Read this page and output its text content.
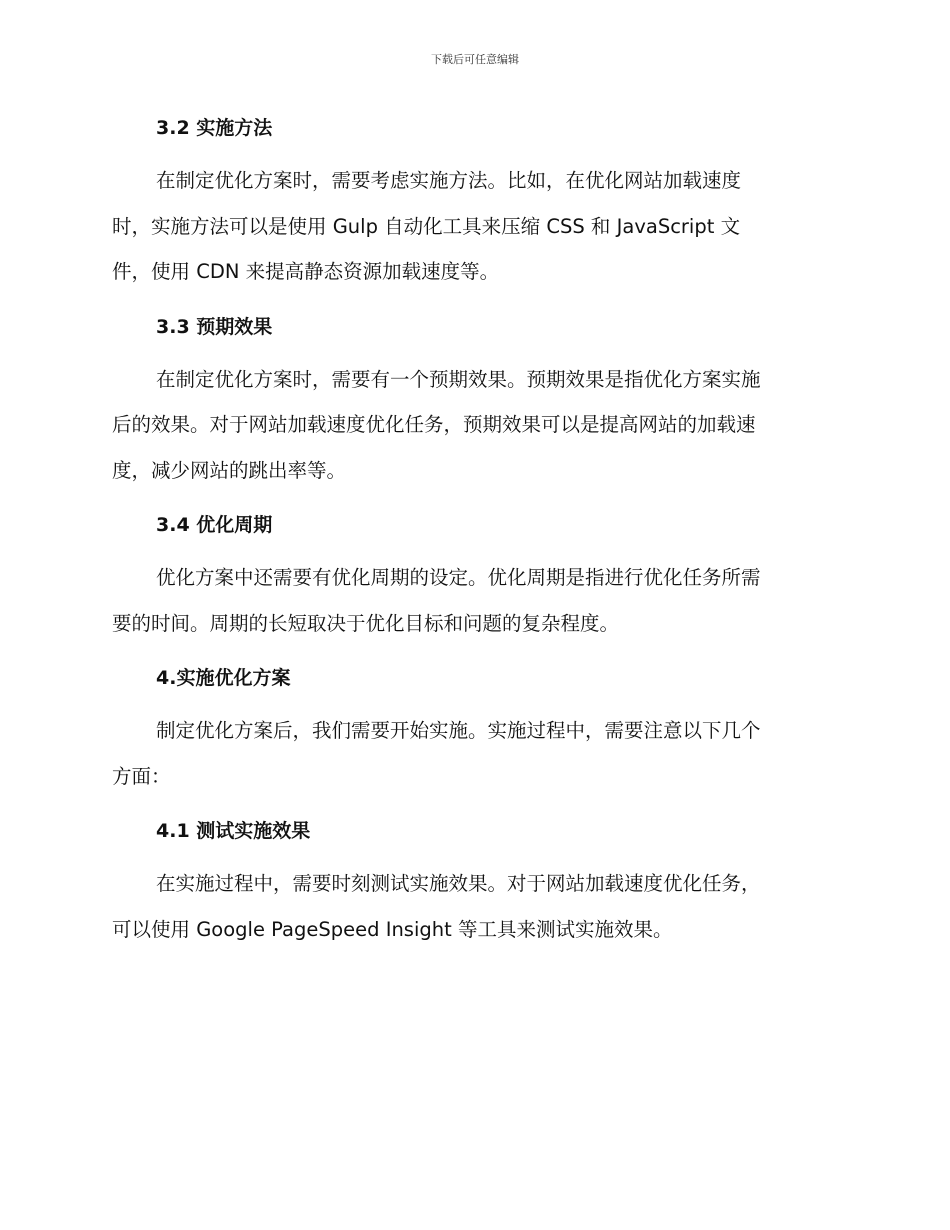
下载后可任意编辑
3.2 实施方法
在制定优化方案时，需要考虑实施方法。比如，在优化网站加载速度
时，实施方法可以是使用 Gulp 自动化工具来压缩 CSS 和 JavaScript 文
件，使用 CDN 来提高静态资源加载速度等。
3.3 预期效果
在制定优化方案时，需要有一个预期效果。预期效果是指优化方案实施
后的效果。对于网站加载速度优化任务，预期效果可以是提高网站的加载速
度，减少网站的跳出率等。
3.4 优化周期
优化方案中还需要有优化周期的设定。优化周期是指进行优化任务所需
要的时间。周期的长短取决于优化目标和问题的复杂程度。
4.实施优化方案
制定优化方案后，我们需要开始实施。实施过程中，需要注意以下几个
方面：
4.1 测试实施效果
在实施过程中，需要时刻测试实施效果。对于网站加载速度优化任务，
可以使用 Google PageSpeed Insight 等工具来测试实施效果。
